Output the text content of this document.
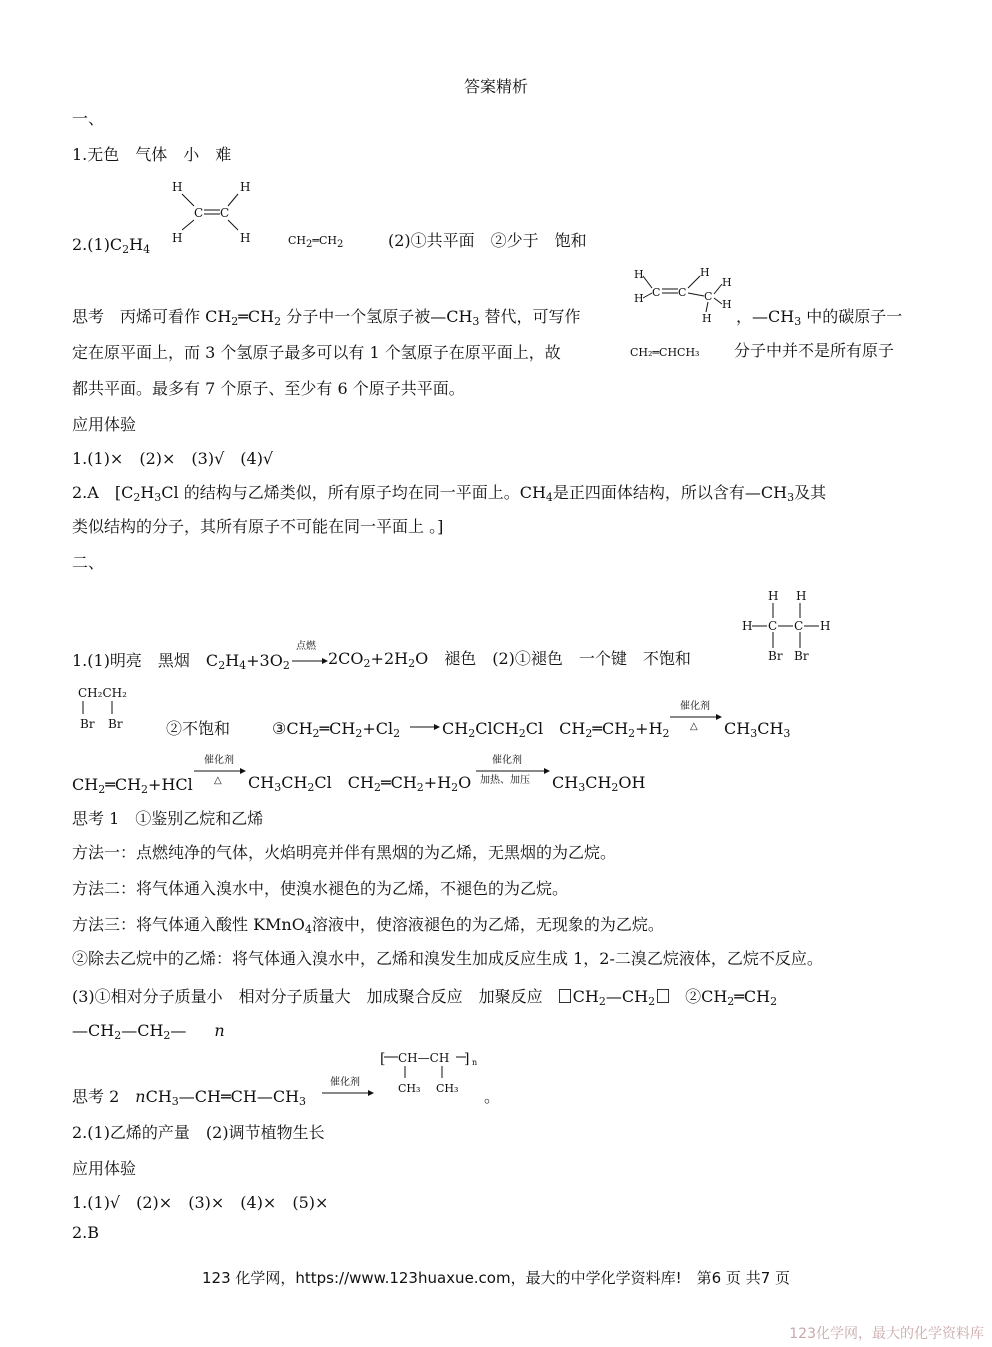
答案精析
一、
1.无色　气体　小　难
$2.(1)C_2H_4$
H	H
H	H
C C
$CH_2═CH_2$	(2)①共平面　②少于　饱和
思考　丙烯可看作 $CH_2═CH_2$ 分子中一个氢原子被$—CH_3$ 替代，可写作
H
H C C
H
C
H
H
H ，$—CH_3$ 中的碳原子一
定在原平面上，而 3 个氢原子最多可以有 1 个氢原子在原平面上，故	CH₂═CHCH₃ 分子中并不是所有原子
都共平面。最多有 7 个原子、至少有 6 个原子共平面。
应用体验
1.(1)×　(2)×　(3)√　(4)√
2.A　[$C_2H_3Cl$ 的结构与乙烯类似，所有原子均在同一平面上。$CH_4$是正四面体结构，所以含有$—CH_3$及其
类似结构的分子，其所有原子不可能在同一平面上 。]
二、
1.(1)明亮　黑烟　$C_2H_4+3O_2$
点燃
$2CO_2+2H_2O$　褪色　(2)①褪色　一个键　不饱和
H H
H C C H
Br Br
CH₂CH₂
Br Br	②不饱和	$③CH_2═CH_2+Cl_2$	$CH_2ClCH_2Cl$　$CH_2═CH_2+H_2$
催化剂
△ $CH_3CH_3$
$CH_2═CH_2+HCl$
催化剂
△ $CH_3CH_2Cl$　$CH_2═CH_2+H_2O$
催化剂
加热、加压 $CH_3CH_2OH$
思考 1　①鉴别乙烷和乙烯
方法一：点燃纯净的气体，火焰明亮并伴有黑烟的为乙烯，无黑烟的为乙烷。
方法二：将气体通入溴水中，使溴水褪色的为乙烯，不褪色的为乙烷。
方法三：将气体通入酸性 KMnO$_4$溶液中，使溶液褪色的为乙烯，无现象的为乙烷。
②除去乙烷中的乙烯：将气体通入溴水中，乙烯和溴发生加成反应生成 1，2-二溴乙烷液体，乙烷不反应。
(3)①相对分子质量小　相对分子质量大　加成聚合反应　加聚反应　$CH_2—CH_2$　$②CH_2═CH_2$
$—CH_2—CH_2—$　n
思考 2　$nCH_3—CH═CH—CH_3$
催化剂
[ CH—CH ] n
CH₃ CH₃ 。
2.(1)乙烯的产量　(2)调节植物生长
应用体验
1.(1)√　(2)×　(3)×　(4)×　(5)×
2.B
123 化学网，https://www.123huaxue.com，最大的中学化学资料库!　第6 页 共7 页
123化学网，最大的化学资料库
